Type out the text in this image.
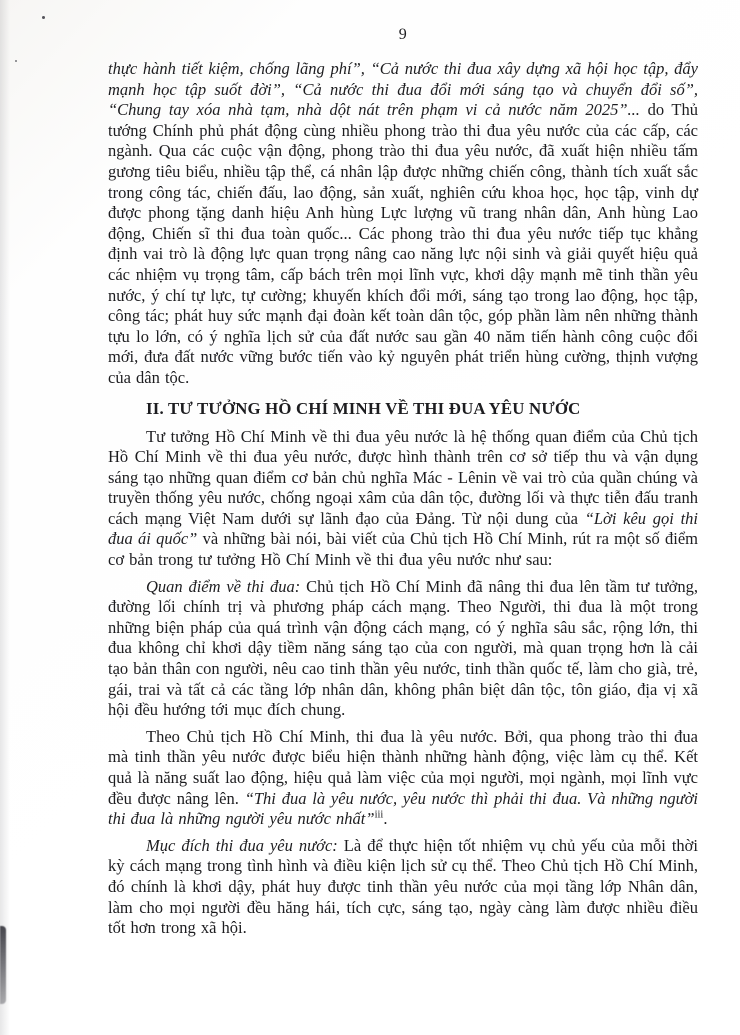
9

thực hành tiết kiệm, chống lãng phí”, “Cả nước thi đua xây dựng xã hội học tập, đẩy mạnh học tập suốt đời”, “Cả nước thi đua đổi mới sáng tạo và chuyển đổi số”, “Chung tay xóa nhà tạm, nhà dột nát trên phạm vi cả nước năm 2025”... do Thủ tướng Chính phủ phát động cùng nhiều phong trào thi đua yêu nước của các cấp, các ngành. Qua các cuộc vận động, phong trào thi đua yêu nước, đã xuất hiện nhiều tấm gương tiêu biểu, nhiều tập thể, cá nhân lập được những chiến công, thành tích xuất sắc trong công tác, chiến đấu, lao động, sản xuất, nghiên cứu khoa học, học tập, vinh dự được phong tặng danh hiệu Anh hùng Lực lượng vũ trang nhân dân, Anh hùng Lao động, Chiến sĩ thi đua toàn quốc... Các phong trào thi đua yêu nước tiếp tục khẳng định vai trò là động lực quan trọng nâng cao năng lực nội sinh và giải quyết hiệu quả các nhiệm vụ trọng tâm, cấp bách trên mọi lĩnh vực, khơi dậy mạnh mẽ tinh thần yêu nước, ý chí tự lực, tự cường; khuyến khích đổi mới, sáng tạo trong lao động, học tập, công tác; phát huy sức mạnh đại đoàn kết toàn dân tộc, góp phần làm nên những thành tựu lo lớn, có ý nghĩa lịch sử của đất nước sau gần 40 năm tiến hành công cuộc đổi mới, đưa đất nước vững bước tiến vào kỷ nguyên phát triển hùng cường, thịnh vượng của dân tộc.

II. TƯ TƯỞNG HỒ CHÍ MINH VỀ THI ĐUA YÊU NƯỚC

Tư tưởng Hồ Chí Minh về thi đua yêu nước là hệ thống quan điểm của Chủ tịch Hồ Chí Minh về thi đua yêu nước, được hình thành trên cơ sở tiếp thu và vận dụng sáng tạo những quan điểm cơ bản chủ nghĩa Mác - Lênin về vai trò của quần chúng và truyền thống yêu nước, chống ngoại xâm của dân tộc, đường lối và thực tiễn đấu tranh cách mạng Việt Nam dưới sự lãnh đạo của Đảng. Từ nội dung của “Lời kêu gọi thi đua ái quốc” và những bài nói, bài viết của Chủ tịch Hồ Chí Minh, rút ra một số điểm cơ bản trong tư tưởng Hồ Chí Minh về thi đua yêu nước như sau:

Quan điểm về thi đua: Chủ tịch Hồ Chí Minh đã nâng thi đua lên tầm tư tưởng, đường lối chính trị và phương pháp cách mạng. Theo Người, thi đua là một trong những biện pháp của quá trình vận động cách mạng, có ý nghĩa sâu sắc, rộng lớn, thi đua không chỉ khơi dậy tiềm năng sáng tạo của con người, mà quan trọng hơn là cải tạo bản thân con người, nêu cao tinh thần yêu nước, tinh thần quốc tế, làm cho già, trẻ, gái, trai và tất cả các tầng lớp nhân dân, không phân biệt dân tộc, tôn giáo, địa vị xã hội đều hướng tới mục đích chung.

Theo Chủ tịch Hồ Chí Minh, thi đua là yêu nước. Bởi, qua phong trào thi đua mà tinh thần yêu nước được biểu hiện thành những hành động, việc làm cụ thể. Kết quả là năng suất lao động, hiệu quả làm việc của mọi người, mọi ngành, mọi lĩnh vực đều được nâng lên. “Thi đua là yêu nước, yêu nước thì phải thi đua. Và những người thi đua là những người yêu nước nhất”$^{iii}$.

Mục đích thi đua yêu nước: Là để thực hiện tốt nhiệm vụ chủ yếu của mỗi thời kỳ cách mạng trong tình hình và điều kiện lịch sử cụ thể. Theo Chủ tịch Hồ Chí Minh, đó chính là khơi dậy, phát huy được tinh thần yêu nước của mọi tầng lớp Nhân dân, làm cho mọi người đều hăng hái, tích cực, sáng tạo, ngày càng làm được nhiều điều tốt hơn trong xã hội.
